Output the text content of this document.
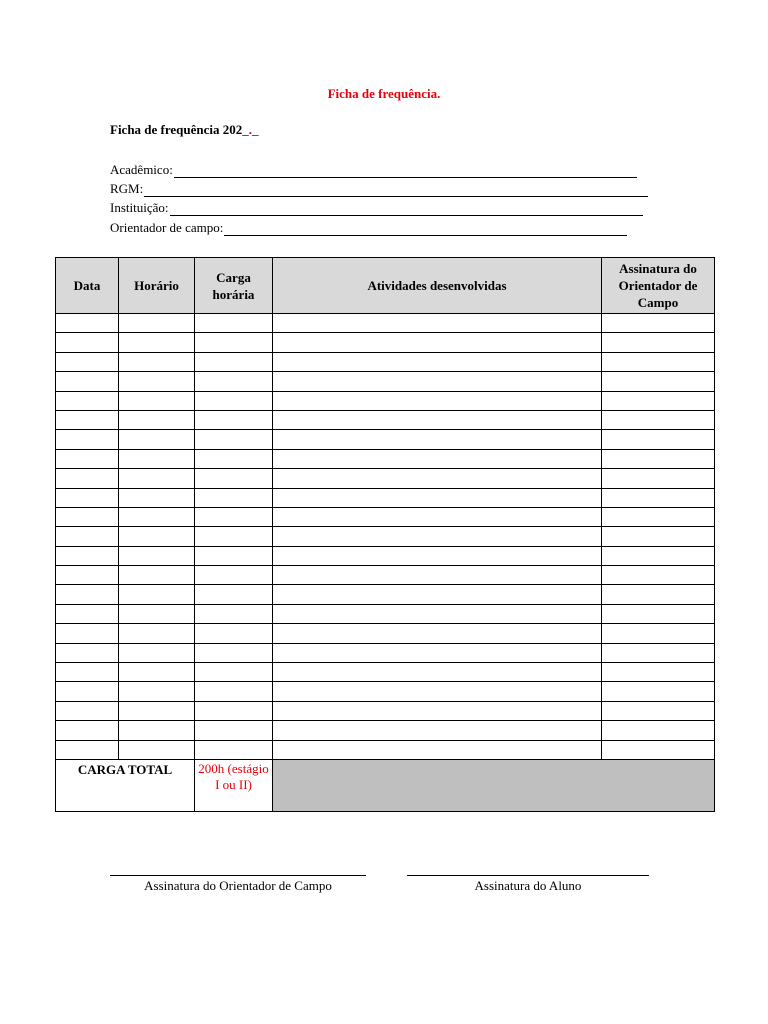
Ficha de frequência.
Ficha de frequência 202_._
Acadêmico:
RGM:
Instituição:
Orientador de campo:
Data	Horário	Carga horária	Atividades desenvolvidas	Assinatura do Orientador de Campo

CARGA TOTAL		200h (estágio I ou II)		
Assinatura do Orientador de Campo	Assinatura do Aluno
